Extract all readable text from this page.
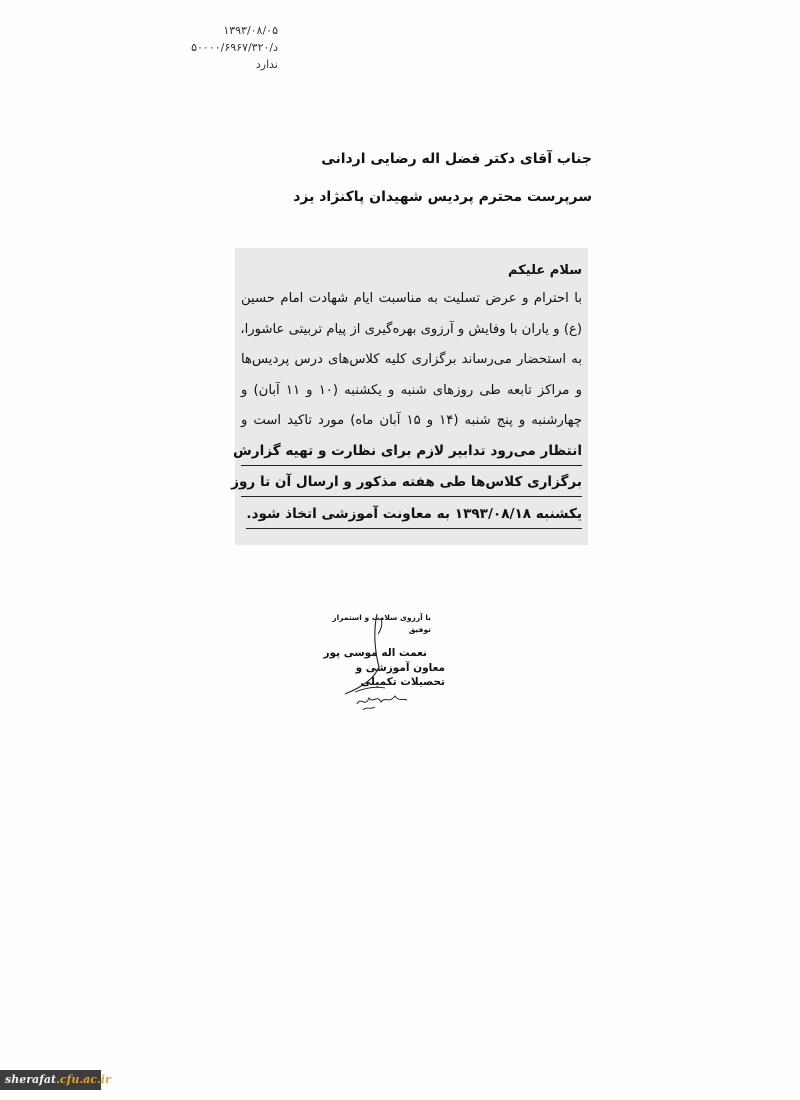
۱۳۹۳/۰۸/۰۵
د/۵۰۰۰۰/۶۹۶۷/۳۲۰
ندارد
جناب آقای دکتر فضل اله رضایی اردانی
سرپرست محترم پردیس شهیدان پاکنژاد یزد
سلام علیکم
با احترام و عرض تسلیت به مناسبت ایام شهادت امام حسین
(ع) و یاران با وفایش و آرزوی بهره‌گیری از پیام تربیتی عاشورا،
به استحضار می‌رساند برگزاری کلیه کلاس‌های درس پردیس‌ها
و مراکز تابعه طی روزهای شنبه و یکشنبه (۱۰ و ۱۱ آبان) و
چهارشنبه و پنج شنبه (۱۴ و ۱۵ آبان ماه) مورد تاکید است و
انتظار می‌رود تدابیر لازم برای نظارت و تهیه گزارش
برگزاری کلاس‌ها طی هفته مذکور و ارسال آن تا روز
یکشنبه ۱۳۹۳/۰۸/۱۸ به معاونت آموزشی اتخاذ شود.
با آرزوی سلامت و استمرار توفیق
نعمت اله موسی پور
معاون آموزشی و تحصیلات تکمیلی
sherafat.cfu.ac.ir
